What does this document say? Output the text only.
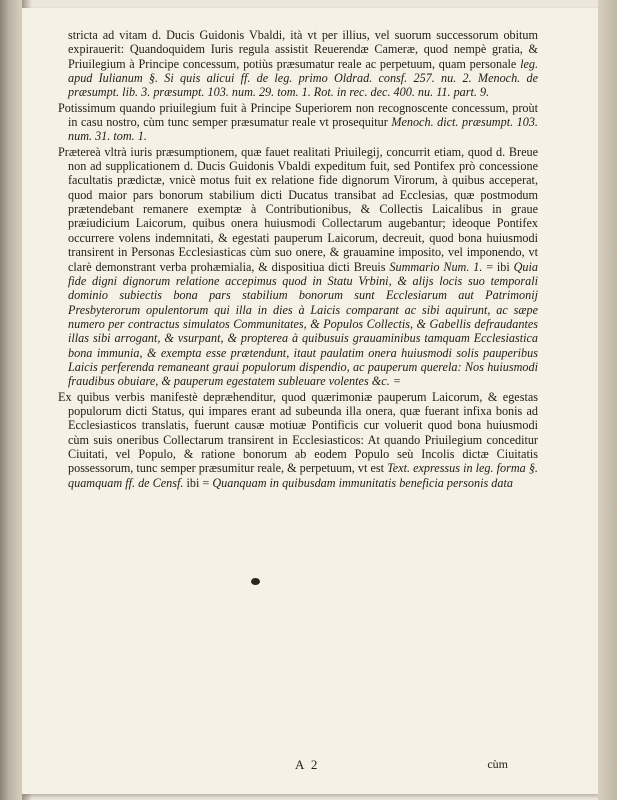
stricta ad vitam d. Ducis Guidonis Vbaldi, ità vt per illius, vel suorum successorum obitum expirauerit: Quandoquidem Iuris regula assistit Reuerendæ Cameræ, quod nempè gratia, & Priuilegium à Principe concessum, potiùs præsumatur reale ac perpetuum, quam personale leg. apud Iulianum §. Si quis alicui ff. de leg. primo Oldrad. consf. 257. nu. 2. Menoch. de præsumpt. lib. 3. præsumpt. 103. num. 29. tom. 1. Rot. in rec. dec. 400. nu. 11. part. 9.

Potissimum quando priuilegium fuit à Principe Superiorem non recognoscente concessum, proùt in casu nostro, cùm tunc semper præsumatur reale vt prosequitur Menoch. dict. præsumpt. 103. num. 31. tom. 1.

Prætereà vltrà iuris præsumptionem, quæ fauet realitati Priuilegij, concurrit etiam, quod d. Breue non ad supplicationem d. Ducis Guidonis Vbaldi expeditum fuit, sed Pontifex prò concessione facultatis prædictæ, vnicè motus fuit ex relatione fide dignorum Virorum, à quibus acceperat, quod maior pars bonorum stabilium dicti Ducatus transibat ad Ecclesias, quæ postmodum prætendebant remanere exemptæ à Contributionibus, & Collectis Laicalibus in graue præiudicium Laicorum, quibus onera huiusmodi Collectarum augebantur; ideoque Pontifex occurrere volens indemnitati, & egestati pauperum Laicorum, decreuit, quod bona huiusmodi transirent in Personas Ecclesiasticas cùm suo onere, & grauamine imposito, vel imponendo, vt clarè demonstrant verba prohæmialia, & dispositiua dicti Breuis Summario Num. 1. = ibi Quia fide digni dignorum relatione accepimus quod in Statu Vrbini, & alijs locis suo temporali dominio subiectis bona pars stabilium bonorum sunt Ecclesiarum aut Patrimonij Presbyterorum opulentorum qui illa in dies à Laicis comparant ac sibi aquirunt, ac sæpe numero per contractus simulatos Communitates, & Populos Collectis, & Gabellis defraudantes illas sibi arrogant, & vsurpant, & propterea à quibusuis grauaminibus tamquam Ecclesiastica bona immunia, & exempta esse prætendunt, itaut paulatim onera huiusmodi solis pauperibus Laicis perferenda remaneant graui populorum dispendio, ac pauperum querela: Nos huiusmodi fraudibus obuiare, & pauperum egestatem subleuare volentes &c. =

Ex quibus verbis manifestè depræhenditur, quod quærimoniæ pauperum Laicorum, & egestas populorum dicti Status, qui impares erant ad subeunda illa onera, quæ fuerant infixa bonis ad Ecclesiasticos translatis, fuerunt causæ motiuæ Pontificis cur voluerit quod bona huiusmodi cùm suis oneribus Collectarum transirent in Ecclesiasticos: At quando Priuilegium conceditur Ciuitati, vel Populo, & ratione bonorum ab eodem Populo seù Incolis dictæ Ciuitatis possessorum, tunc semper præsumitur reale, & perpetuum, vt est Text. expressus in leg. forma §. quamquam ff. de Censf. ibi = Quanquam in quibusdam immunitatis beneficia personis data

A 2	cùm
